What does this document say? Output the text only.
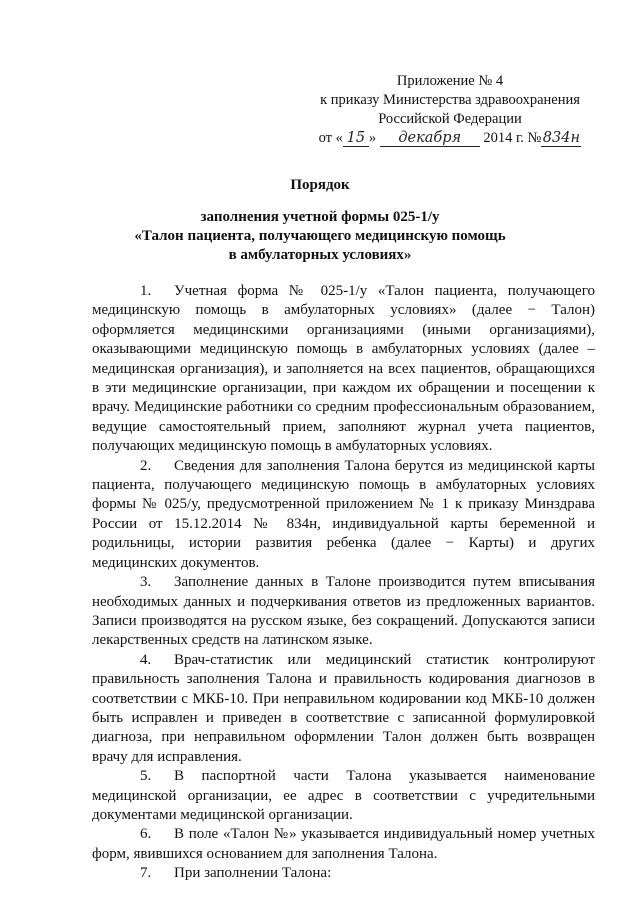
Приложение № 4
к приказу Министерства здравоохранения
Российской Федерации
от « 15 » декабря 2014 г. №834н
Порядок
заполнения учетной формы 025-1/у
«Талон пациента, получающего медицинскую помощь
в амбулаторных условиях»

1. Учетная форма № 025-1/у «Талон пациента, получающего медицинскую помощь в амбулаторных условиях» (далее − Талон) оформляется медицинскими организациями (иными организациями), оказывающими медицинскую помощь в амбулаторных условиях (далее – медицинская организация), и заполняется на всех пациентов, обращающихся в эти медицинские организации, при каждом их обращении и посещении к врачу. Медицинские работники со средним профессиональным образованием, ведущие самостоятельный прием, заполняют журнал учета пациентов, получающих медицинскую помощь в амбулаторных условиях.

2. Сведения для заполнения Талона берутся из медицинской карты пациента, получающего медицинскую помощь в амбулаторных условиях формы № 025/у, предусмотренной приложением № 1 к приказу Минздрава России от 15.12.2014 № 834н, индивидуальной карты беременной и родильницы, истории развития ребенка (далее − Карты) и других медицинских документов.

3. Заполнение данных в Талоне производится путем вписывания необходимых данных и подчеркивания ответов из предложенных вариантов. Записи производятся на русском языке, без сокращений. Допускаются записи лекарственных средств на латинском языке.

4. Врач-статистик или медицинский статистик контролируют правильность заполнения Талона и правильность кодирования диагнозов в соответствии с МКБ-10. При неправильном кодировании код МКБ-10 должен быть исправлен и приведен в соответствие с записанной формулировкой диагноза, при неправильном оформлении Талон должен быть возвращен врачу для исправления.

5. В паспортной части Талона указывается наименование медицинской организации, ее адрес в соответствии с учредительными документами медицинской организации.

6. В поле «Талон №» указывается индивидуальный номер учетных форм, явившихся основанием для заполнения Талона.

7. При заполнении Талона:
